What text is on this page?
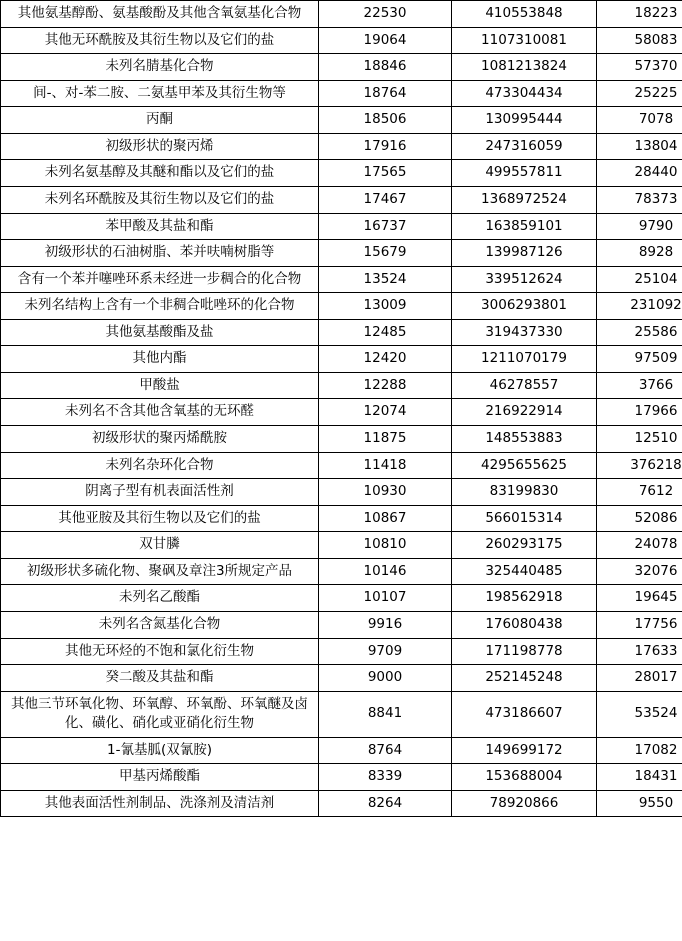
其他氨基醇酚、氨基酸酚及其他含氧氨基化合物	22530	410553848	18223
其他无环酰胺及其衍生物以及它们的盐	19064	1107310081	58083
未列名腈基化合物	18846	1081213824	57370
间-、对-苯二胺、二氨基甲苯及其衍生物等	18764	473304434	25225
丙酮	18506	130995444	7078
初级形状的聚丙烯	17916	247316059	13804
未列名氨基醇及其醚和酯以及它们的盐	17565	499557811	28440
未列名环酰胺及其衍生物以及它们的盐	17467	1368972524	78373
苯甲酸及其盐和酯	16737	163859101	9790
初级形状的石油树脂、苯并呋喃树脂等	15679	139987126	8928
含有一个苯并噻唑环系未经进一步稠合的化合物	13524	339512624	25104
未列名结构上含有一个非稠合吡唑环的化合物	13009	3006293801	231092
其他氨基酸酯及盐	12485	319437330	25586
其他内酯	12420	1211070179	97509
甲酸盐	12288	46278557	3766
未列名不含其他含氧基的无环醛	12074	216922914	17966
初级形状的聚丙烯酰胺	11875	148553883	12510
未列名杂环化合物	11418	4295655625	376218
阴离子型有机表面活性剂	10930	83199830	7612
其他亚胺及其衍生物以及它们的盐	10867	566015314	52086
双甘膦	10810	260293175	24078
初级形状多硫化物、聚砜及章注3所规定产品	10146	325440485	32076
未列名乙酸酯	10107	198562918	19645
未列名含氮基化合物	9916	176080438	17756
其他无环烃的不饱和氯化衍生物	9709	171198778	17633
癸二酸及其盐和酯	9000	252145248	28017
其他三节环氧化物、环氧醇、环氧酚、环氧醚及卤化、磺化、硝化或亚硝化衍生物	8841	473186607	53524
1-氰基胍(双氰胺)	8764	149699172	17082
甲基丙烯酸酯	8339	153688004	18431
其他表面活性剂制品、洗涤剂及清洁剂	8264	78920866	9550
